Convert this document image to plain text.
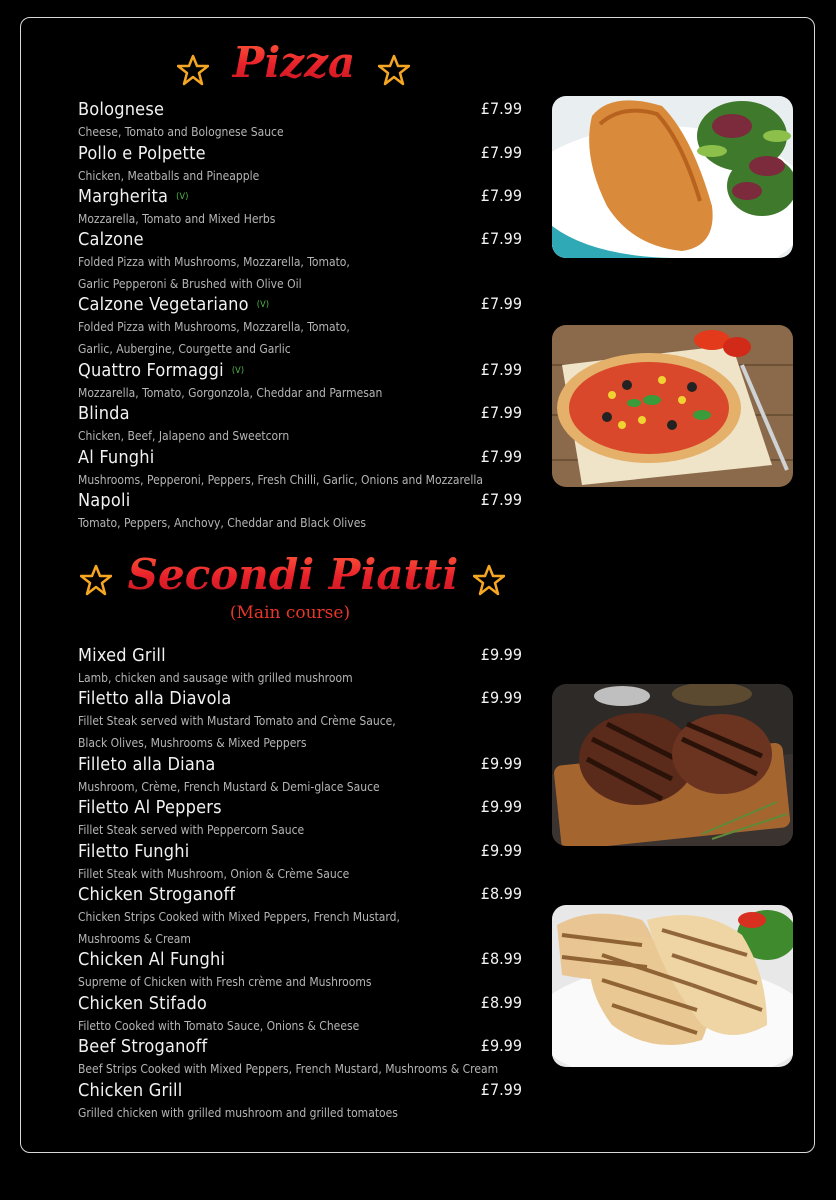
Pizza
Secondi Piatti
(Main course)
Bolognese	£7.99
Cheese, Tomato and Bolognese Sauce
Pollo e Polpette	£7.99
Chicken, Meatballs and Pineapple
Margherita (V)	£7.99
Mozzarella, Tomato and Mixed Herbs
Calzone	£7.99
Folded Pizza with Mushrooms, Mozzarella, Tomato,
Garlic Pepperoni & Brushed with Olive Oil
Calzone Vegetariano (V)	£7.99
Folded Pizza with Mushrooms, Mozzarella, Tomato,
Garlic, Aubergine, Courgette and Garlic
Quattro Formaggi (V)	£7.99
Mozzarella, Tomato, Gorgonzola, Cheddar and Parmesan
Blinda	£7.99
Chicken, Beef, Jalapeno and Sweetcorn
Al Funghi	£7.99
Mushrooms, Pepperoni, Peppers, Fresh Chilli, Garlic, Onions and Mozzarella
Napoli	£7.99
Tomato, Peppers, Anchovy, Cheddar and Black Olives
Mixed Grill	£9.99
Lamb, chicken and sausage with grilled mushroom
Filetto alla Diavola	£9.99
Fillet Steak served with Mustard Tomato and Crème Sauce,
Black Olives, Mushrooms & Mixed Peppers
Filleto alla Diana	£9.99
Mushroom, Crème, French Mustard & Demi-glace Sauce
Filetto Al Peppers	£9.99
Fillet Steak served with Peppercorn Sauce
Filetto Funghi	£9.99
Fillet Steak with Mushroom, Onion & Crème Sauce
Chicken Stroganoff	£8.99
Chicken Strips Cooked with Mixed Peppers, French Mustard,
Mushrooms & Cream
Chicken Al Funghi	£8.99
Supreme of Chicken with Fresh crème and Mushrooms
Chicken Stifado	£8.99
Filetto Cooked with Tomato Sauce, Onions & Cheese
Beef Stroganoff	£9.99
Beef Strips Cooked with Mixed Peppers, French Mustard, Mushrooms & Cream
Chicken Grill	£7.99
Grilled chicken with grilled mushroom and grilled tomatoes
